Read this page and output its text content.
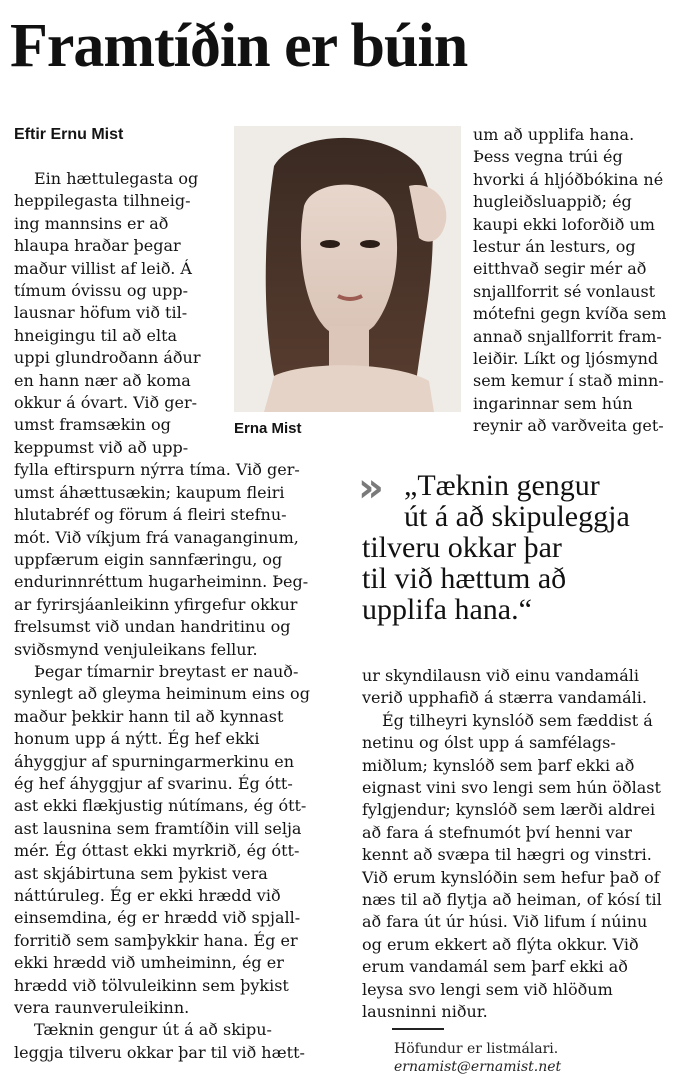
Framtíðin er búin
Eftir Ernu Mist
Ein hættulegasta og
heppilegasta tilhneig-
ing mannsins er að
hlaupa hraðar þegar
maður villist af leið. Á
tímum óvissu og upp-
lausnar höfum við til-
hneigingu til að elta
uppi glundroðann áður
en hann nær að koma
okkur á óvart. Við ger-
umst framsækin og
keppumst við að upp-
fylla eftirspurn nýrra tíma. Við ger-
umst áhættusækin; kaupum fleiri
hlutabréf og förum á fleiri stefnu-
mót. Við víkjum frá vanaganginum,
uppfærum eigin sannfæringu, og
endurinnréttum hugarheiminn. Þeg-
ar fyrirsjáanleikinn yfirgefur okkur
frelsumst við undan handritinu og
sviðsmynd venjuleikans fellur.
Þegar tímarnir breytast er nauð-
synlegt að gleyma heiminum eins og
maður þekkir hann til að kynnast
honum upp á nýtt. Ég hef ekki
áhyggjur af spurningarmerkinu en
ég hef áhyggjur af svarinu. Ég ótt-
ast ekki flækjustig nútímans, ég ótt-
ast lausnina sem framtíðin vill selja
mér. Ég óttast ekki myrkrið, ég ótt-
ast skjábirtuna sem þykist vera
náttúruleg. Ég er ekki hrædd við
einsemdina, ég er hrædd við spjall-
forritið sem samþykkir hana. Ég er
ekki hrædd við umheiminn, ég er
hrædd við tölvuleikinn sem þykist
vera raunveruleikinn.
Tæknin gengur út á að skipu-
leggja tilveru okkar þar til við hætt-
Erna Mist
um að upplifa hana.
Þess vegna trúi ég
hvorki á hljóðbókina né
hugleiðsluappið; ég
kaupi ekki loforðið um
lestur án lesturs, og
eitthvað segir mér að
snjallforrit sé vonlaust
mótefni gegn kvíða sem
annað snjallforrit fram-
leiðir. Líkt og ljósmynd
sem kemur í stað minn-
ingarinnar sem hún
reynir að varðveita get-
» „Tæknin gengur
út á að skipuleggja
tilveru okkar þar
til við hættum að
upplifa hana.“
ur skyndilausn við einu vandamáli
verið upphafið á stærra vandamáli.
Ég tilheyri kynslóð sem fæddist á
netinu og ólst upp á samfélags-
miðlum; kynslóð sem þarf ekki að
eignast vini svo lengi sem hún öðlast
fylgjendur; kynslóð sem lærði aldrei
að fara á stefnumót því henni var
kennt að svæpa til hægri og vinstri.
Við erum kynslóðin sem hefur það of
næs til að flytja að heiman, of kósí til
að fara út úr húsi. Við lifum í núinu
og erum ekkert að flýta okkur. Við
erum vandamál sem þarf ekki að
leysa svo lengi sem við hlöðum
lausninni niður.
Höfundur er listmálari.
ernamist@ernamist.net
